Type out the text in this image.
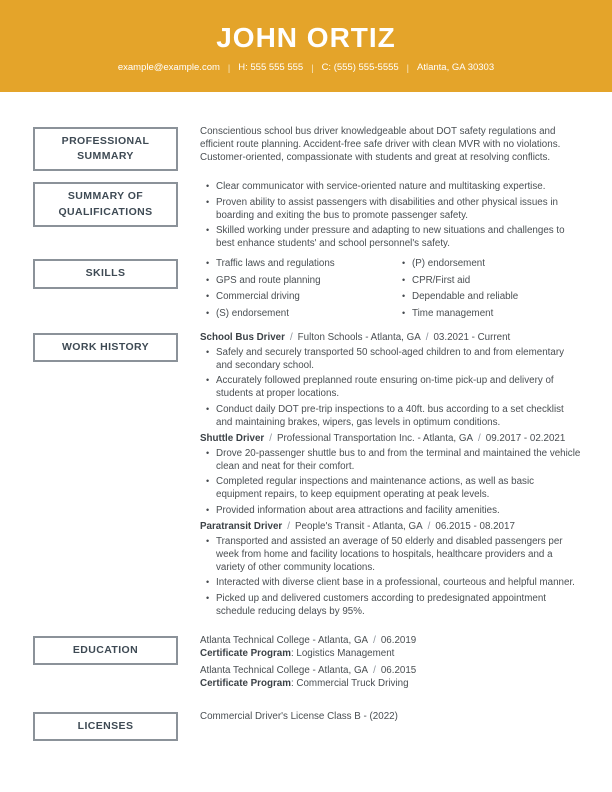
JOHN ORTIZ
example@example.com | H: 555 555 555 | C: (555) 555-5555 | Atlanta, GA 30303
PROFESSIONAL SUMMARY
Conscientious school bus driver knowledgeable about DOT safety regulations and efficient route planning. Accident-free safe driver with clean MVR with no violations. Customer-oriented, compassionate with students and great at resolving conflicts.
SUMMARY OF QUALIFICATIONS
• Clear communicator with service-oriented nature and multitasking expertise.
• Proven ability to assist passengers with disabilities and other physical issues in boarding and exiting the bus to promote passenger safety.
• Skilled working under pressure and adapting to new situations and challenges to best enhance students' and school personnel's safety.
SKILLS
• Traffic laws and regulations
• GPS and route planning
• Commercial driving
• (S) endorsement
• (P) endorsement
• CPR/First aid
• Dependable and reliable
• Time management
WORK HISTORY
School Bus Driver / Fulton Schools - Atlanta, GA / 03.2021 - Current
• Safely and securely transported 50 school-aged children to and from elementary and secondary school.
• Accurately followed preplanned route ensuring on-time pick-up and delivery of students at proper locations.
• Conduct daily DOT pre-trip inspections to a 40ft. bus according to a set checklist and maintaining brakes, wipers, gas levels in optimum conditions.
Shuttle Driver / Professional Transportation Inc. - Atlanta, GA / 09.2017 - 02.2021
• Drove 20-passenger shuttle bus to and from the terminal and maintained the vehicle clean and neat for their comfort.
• Completed regular inspections and maintenance actions, as well as basic equipment repairs, to keep equipment operating at peak levels.
• Provided information about area attractions and facility amenities.
Paratransit Driver / People's Transit - Atlanta, GA / 06.2015 - 08.2017
• Transported and assisted an average of 50 elderly and disabled passengers per week from home and facility locations to hospitals, healthcare providers and a variety of other community locations.
• Interacted with diverse client base in a professional, courteous and helpful manner.
• Picked up and delivered customers according to predesignated appointment schedule reducing delays by 95%.
EDUCATION
Atlanta Technical College - Atlanta, GA / 06.2019
Certificate Program: Logistics Management
Atlanta Technical College - Atlanta, GA / 06.2015
Certificate Program: Commercial Truck Driving
LICENSES
Commercial Driver's License Class B - (2022)
